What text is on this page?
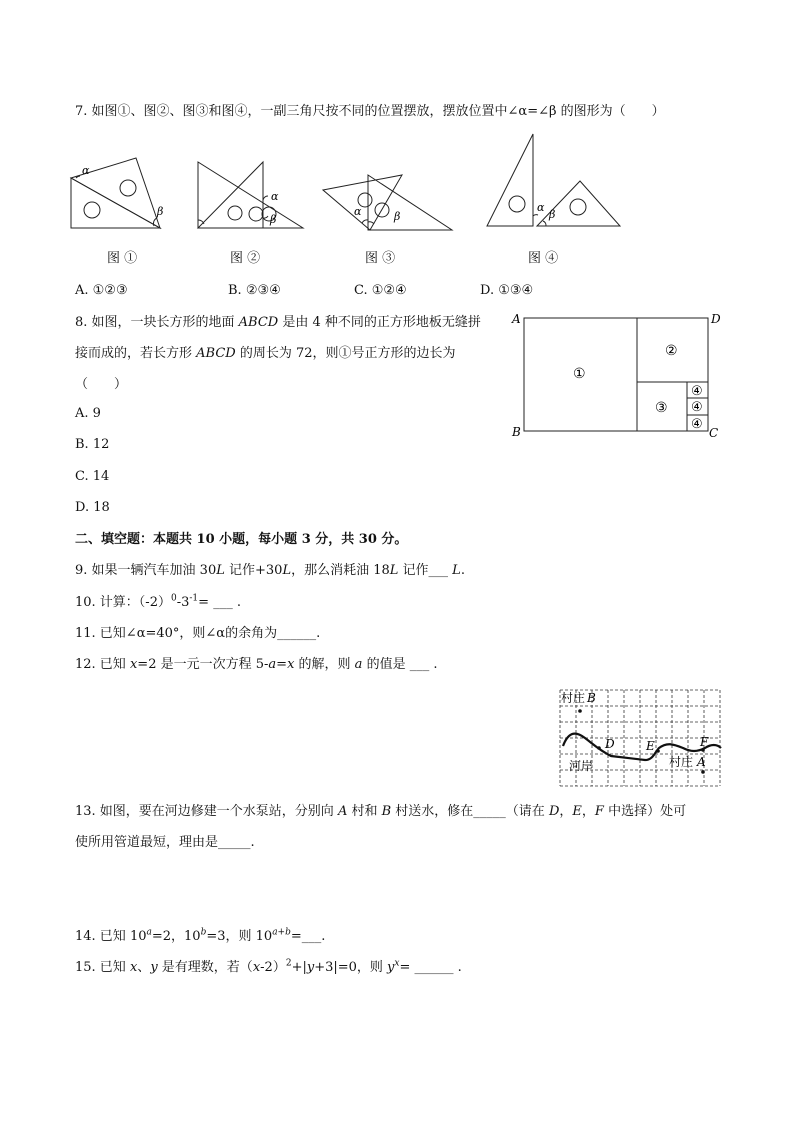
7. 如图①、图②、图③和图④，一副三角尺按不同的位置摆放，摆放位置中∠α=∠β 的图形为（　　）
α
β
α
β
α	β
α
β
图 ①	图 ②	图 ③	图 ④
A. ①②③	B. ②③④	C. ①②④	D. ①③④
8. 如图，一块长方形的地面 ABCD 是由 4 种不同的正方形地板无缝拼
接而成的，若长方形 ABCD 的周长为 72，则①号正方形的边长为
（　　）
A. 9
B. 12
C. 14
D. 18
A	D
B	C
①
②
③
④
④
④
二、填空题：本题共 10 小题，每小题 3 分，共 30 分。
9. 如果一辆汽车加油 30L 记作+30L，那么消耗油 18L 记作___ L.
10. 计算：$(-2)^0-3^{-1}=$ ___ .
11. 已知∠α=40°，则∠α的余角为______.
12. 已知 x=2 是一元一次方程 5-a=x 的解，则 a 的值是 ___ .
村庄 B
D	E	F
河岸	村庄 A
13. 如图，要在河边修建一个水泵站，分别向 A 村和 B 村送水，修在_____（请在 D，E，F 中选择）处可
使所用管道最短，理由是_____.
14. 已知 $10^a=2$，$10^b=3$，则 $10^{a+b}=\_\_\_$.
15. 已知 x、y 是有理数，若$(x-2)^2+|y+3|=0$，则 $y^x=$ ______ .
